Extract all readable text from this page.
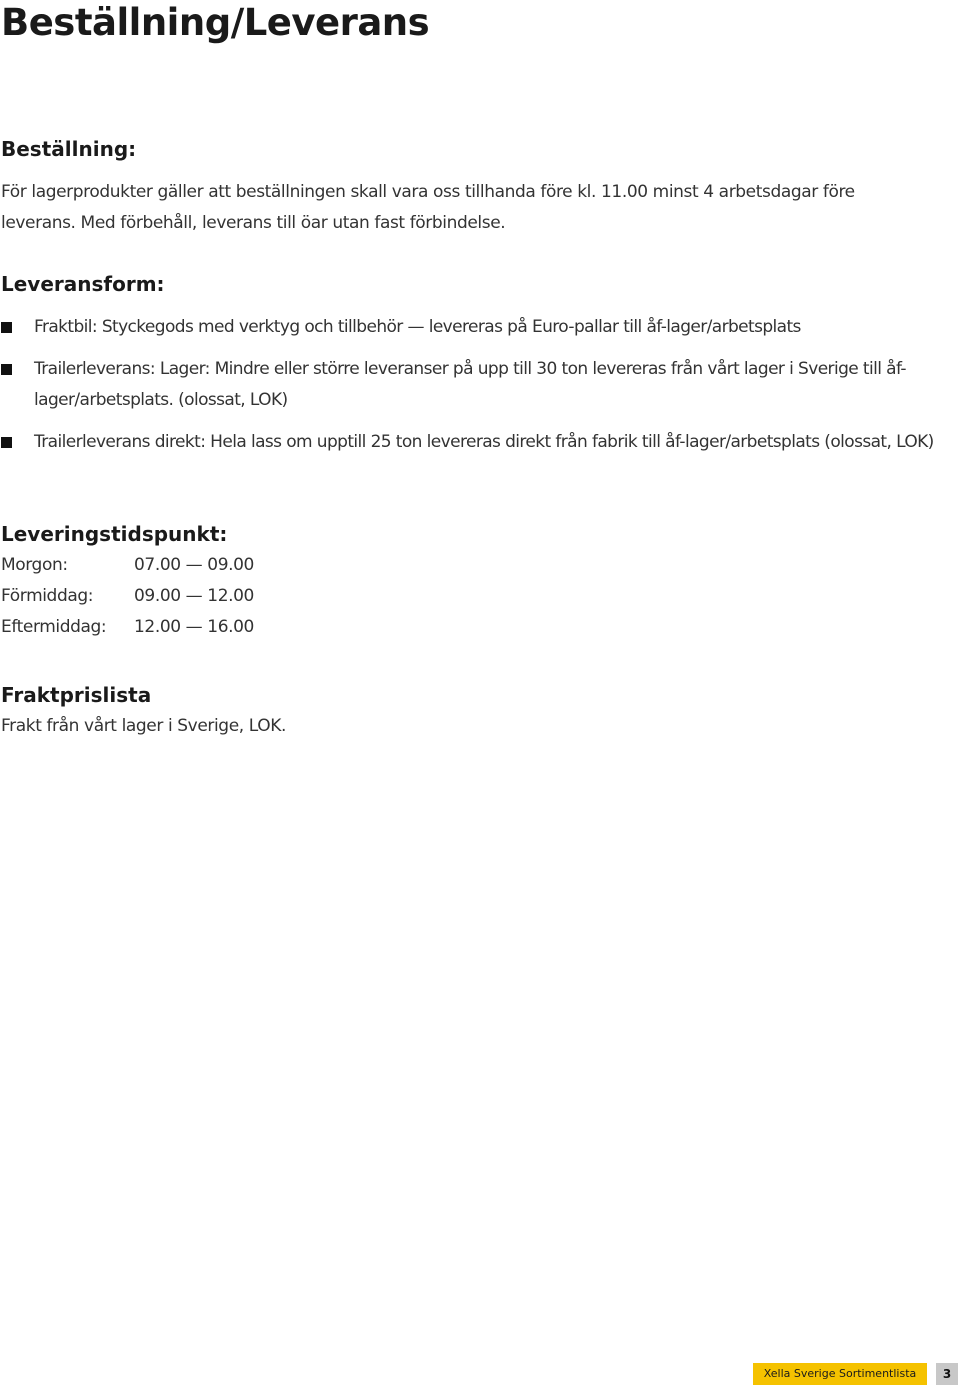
Beställning/Leverans
Beställning:

För lagerprodukter gäller att beställningen skall vara oss tillhanda före kl. 11.00 minst 4 arbetsdagar före leverans. Med förbehåll, leverans till öar utan fast förbindelse.

Leveransform:
Fraktbil: Styckegods med verktyg och tillbehör — levereras på Euro-pallar till åf-lager/arbetsplats
Trailerleverans: Lager: Mindre eller större leveranser på upp till 30 ton levereras från vårt lager i Sverige till åf-lager/arbetsplats. (olossat, LOK)
Trailerleverans direkt: Hela lass om upptill 25 ton levereras direkt från fabrik till åf-lager/arbetsplats (olossat, LOK)
Leveringstidspunkt:
Morgon:	07.00 — 09.00
Förmiddag: 09.00 — 12.00
Eftermiddag: 12.00 — 16.00
Fraktprislista

Frakt från vårt lager i Sverige, LOK.

Xella Sverige Sortimentlista	3
